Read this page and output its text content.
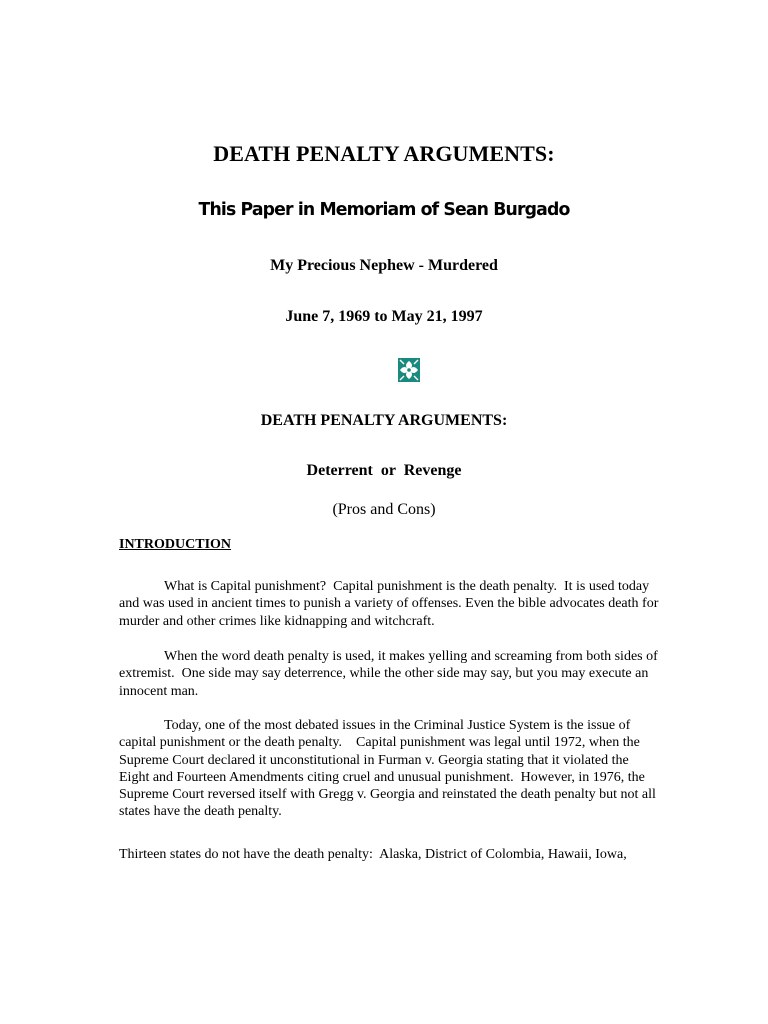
DEATH PENALTY ARGUMENTS:
This Paper in Memoriam of Sean Burgado
My Precious Nephew - Murdered
June 7, 1969 to May 21, 1997
DEATH PENALTY ARGUMENTS:
Deterrent  or  Revenge
(Pros and Cons)
INTRODUCTION
What is Capital punishment?  Capital punishment is the death penalty.  It is used today
and was used in ancient times to punish a variety of offenses. Even the bible advocates death for
murder and other crimes like kidnapping and witchcraft.
When the word death penalty is used, it makes yelling and screaming from both sides of
extremist.  One side may say deterrence, while the other side may say, but you may execute an
innocent man.
Today, one of the most debated issues in the Criminal Justice System is the issue of
capital punishment or the death penalty.    Capital punishment was legal until 1972, when the
Supreme Court declared it unconstitutional in Furman v. Georgia stating that it violated the
Eight and Fourteen Amendments citing cruel and unusual punishment.  However, in 1976, the
Supreme Court reversed itself with Gregg v. Georgia and reinstated the death penalty but not all
states have the death penalty.
Thirteen states do not have the death penalty:  Alaska, District of Colombia, Hawaii, Iowa,
